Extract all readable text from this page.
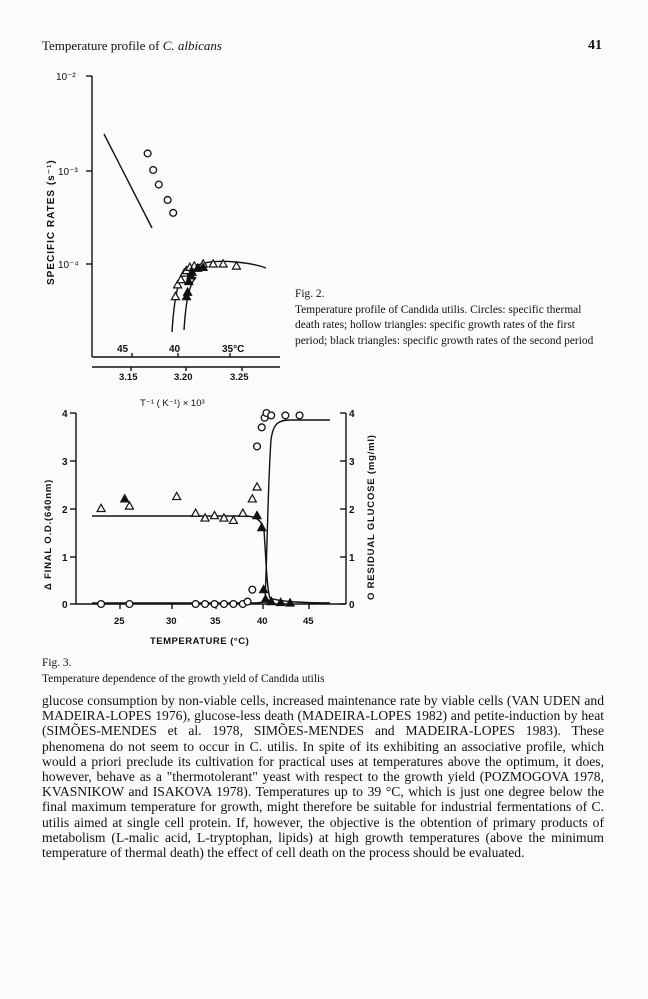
Temperature profile of C. albicans	41
10⁻²
10⁻³
10⁻⁴
SPECIFIC RATES (s⁻¹)
45	40	35°C
3.15	3.20	3.25
T⁻¹ ( K⁻¹) × 10³
Fig. 2.
Temperature profile of Candida utilis. Circles: specific thermal death rates; hollow triangles: specific growth rates of the first period; black triangles: specific growth rates of the second period
4
3
2
1
0
4
3
2
1
0
25	30	35	40	45
TEMPERATURE (°C)
Δ FINAL O.D.(640nm)	O RESIDUAL GLUCOSE (mg/ml)
Fig. 3.
Temperature dependence of the growth yield of Candida utilis
glucose consumption by non-viable cells, increased maintenance rate by viable cells (VAN UDEN and MADEIRA-LOPES 1976), glucose-less death (MADEIRA-LOPES 1982) and petite-induction by heat (SIMÕES-MENDES et al. 1978, SIMÕES-MENDES and MADEIRA-LOPES 1983). These phenomena do not seem to occur in C. utilis. In spite of its exhibiting an associative profile, which would a priori preclude its cultivation for practical uses at temperatures above the optimum, it does, however, behave as a "thermotolerant" yeast with respect to the growth yield (POZMOGOVA 1978, KVASNIKOW and ISAKOVA 1978). Temperatures up to 39 °C, which is just one degree below the final maximum temperature for growth, might therefore be suitable for industrial fermentations of C. utilis aimed at single cell protein. If, however, the objective is the obtention of primary products of metabolism (L-malic acid, L-tryptophan, lipids) at high growth temperatures (above the minimum temperature of thermal death) the effect of cell death on the process should be evaluated.
